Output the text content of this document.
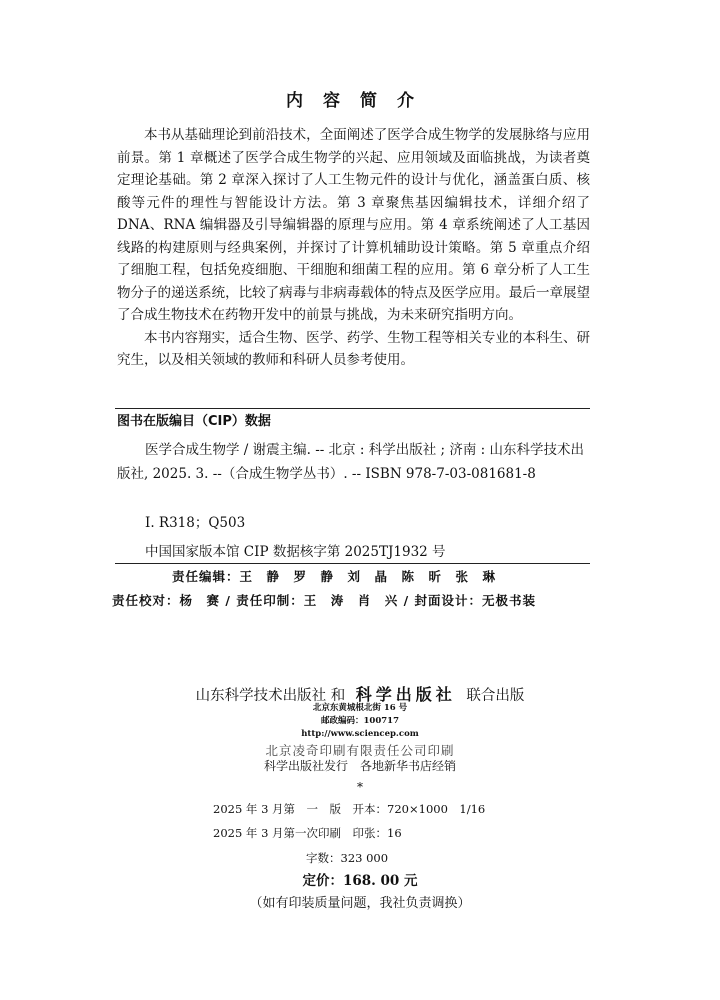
内容简介

本书从基础理论到前沿技术，全面阐述了医学合成生物学的发展脉络与应用前景。第 1 章概述了医学合成生物学的兴起、应用领域及面临挑战，为读者奠定理论基础。第 2 章深入探讨了人工生物元件的设计与优化，涵盖蛋白质、核酸等元件的理性与智能设计方法。第 3 章聚焦基因编辑技术，详细介绍了 DNA、RNA 编辑器及引导编辑器的原理与应用。第 4 章系统阐述了人工基因线路的构建原则与经典案例，并探讨了计算机辅助设计策略。第 5 章重点介绍了细胞工程，包括免疫细胞、干细胞和细菌工程的应用。第 6 章分析了人工生物分子的递送系统，比较了病毒与非病毒载体的特点及医学应用。最后一章展望了合成生物技术在药物开发中的前景与挑战，为未来研究指明方向。

本书内容翔实，适合生物、医学、药学、生物工程等相关专业的本科生、研究生，以及相关领域的教师和科研人员参考使用。

图书在版编目（CIP）数据
医学合成生物学 / 谢震主编. -- 北京 : 科学出版社 ; 济南 : 山东科学技术出版社, 2025. 3. --（合成生物学丛书）. -- ISBN 978-7-03-081681-8
Ⅰ. R318；Q503
中国国家版本馆 CIP 数据核字第 2025TJ1932 号
责任编辑：王　静　罗　静　刘　晶　陈　昕　张　琳
责任校对：杨　赛 / 责任印制：王　涛　肖　兴 / 封面设计：无极书装
山东科学技术出版社 和 科学出版社 联合出版
北京东黄城根北街 16 号
邮政编码：100717
http://www.sciencep.com
北京凌奇印刷有限责任公司印刷
科学出版社发行　各地新华书店经销
*
2025 年 3 月第　一　版　开本：720×1000　1/16
2025 年 3 月第一次印刷　印张：16
字数：323 000
定价：168. 00 元
（如有印装质量问题，我社负责调换）
